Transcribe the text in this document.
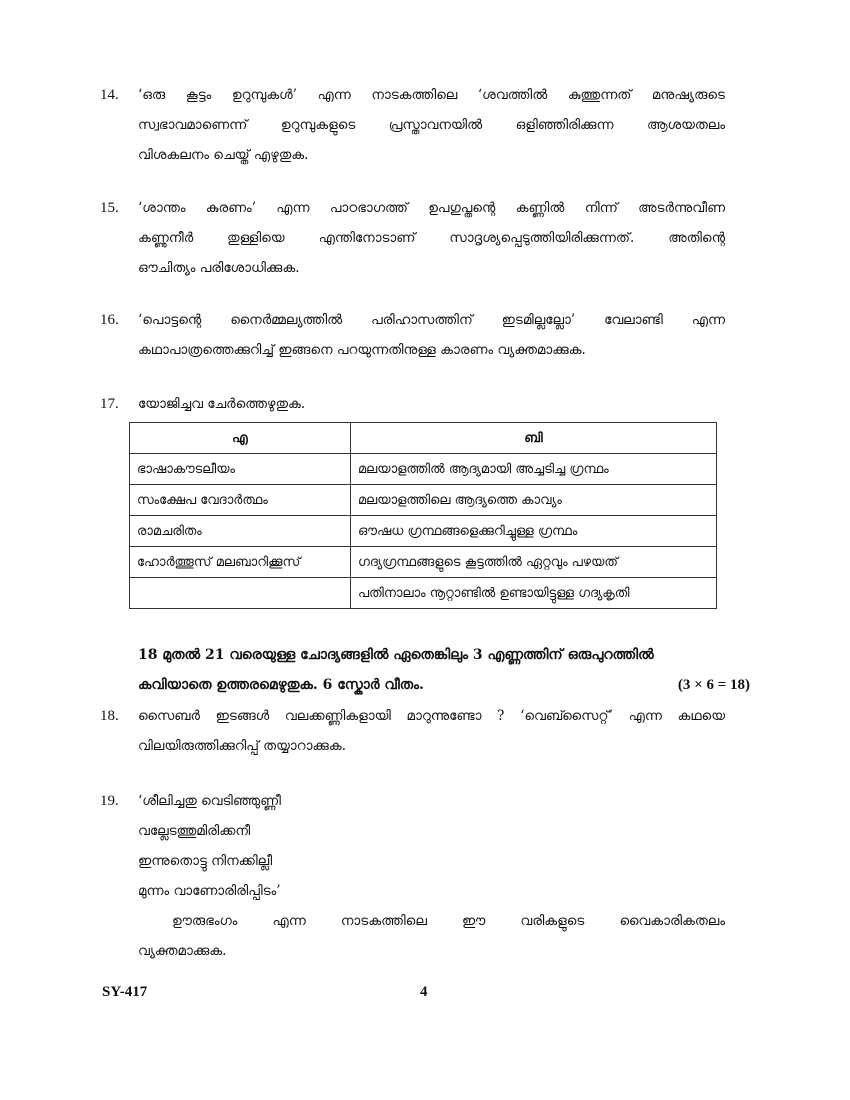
14.	‘ഒരു കൂട്ടം ഉറുമ്പുകൾ’ എന്ന നാടകത്തിലെ ‘ശവത്തിൽ കുത്തുന്നത് മനുഷ്യരുടെ
സ്വഭാവമാണെന്ന് ഉറുമ്പുകളുടെ പ്രസ്താവനയിൽ ഒളിഞ്ഞിരിക്കുന്ന ആശയതലം
വിശകലനം ചെയ്ത് എഴുതുക.
15.	‘ശാന്തം കുരണം’ എന്ന പാഠഭാഗത്ത് ഉപഗുപ്തന്റെ കണ്ണിൽ നിന്ന് അടർന്നുവീണ
കണ്ണുനീർ തുള്ളിയെ എന്തിനോടാണ് സാദൃശ്യപ്പെടുത്തിയിരിക്കുന്നത്. അതിന്റെ
ഔചിത്യം പരിശോധിക്കുക.
16.	‘പൊട്ടന്റെ നൈർമ്മല്യത്തിൽ പരിഹാസത്തിന് ഇടമില്ലല്ലോ’ വേലാണ്ടി എന്ന
കഥാപാത്രത്തെക്കുറിച്ച് ഇങ്ങനെ പറയുന്നതിനുള്ള കാരണം വ്യക്തമാക്കുക.
17.	യോജിച്ചവ ചേർത്തെഴുതുക.
എ	ബി
ഭാഷാകൗടലീയം	മലയാളത്തിൽ ആദ്യമായി അച്ചടിച്ച ഗ്രന്ഥം
സംക്ഷേപ വേദാർത്ഥം	മലയാളത്തിലെ ആദ്യത്തെ കാവ്യം
രാമചരിതം	ഔഷധ ഗ്രന്ഥങ്ങളെക്കുറിച്ചുള്ള ഗ്രന്ഥം
ഹോർത്തൂസ് മലബാറിക്കൂസ്	ഗദ്യഗ്രന്ഥങ്ങളുടെ കൂട്ടത്തിൽ ഏറ്റവും പഴയത്
	പതിനാലാം നൂറ്റാണ്ടിൽ ഉണ്ടായിട്ടുള്ള ഗദ്യകൃതി
18 മുതൽ 21 വരെയുള്ള ചോദ്യങ്ങളിൽ ഏതെങ്കിലും 3 എണ്ണത്തിന് ഒരുപുറത്തിൽ
കവിയാതെ ഉത്തരമെഴുതുക. 6 സ്കോർ വീതം.	(3 × 6 = 18)
18.	സൈബർ ഇടങ്ങൾ വലക്കണ്ണികളായി മാറുന്നുണ്ടോ ? ‘വെബ്സൈറ്റ്’ എന്ന കഥയെ
വിലയിരുത്തിക്കുറിപ്പ് തയ്യാറാക്കുക.
19.	‘ശീലിച്ചതു വെടിഞ്ഞുണ്ണീ
വല്ലേടത്തുമിരിക്കനീ
ഇന്നുതൊട്ടു നിനക്കില്ലീ
മുന്നം വാണോരിരിപ്പിടം’
ഊരുഭംഗം എന്ന നാടകത്തിലെ ഈ വരികളുടെ വൈകാരികതലം
വ്യക്തമാക്കുക.
SY-417	4
